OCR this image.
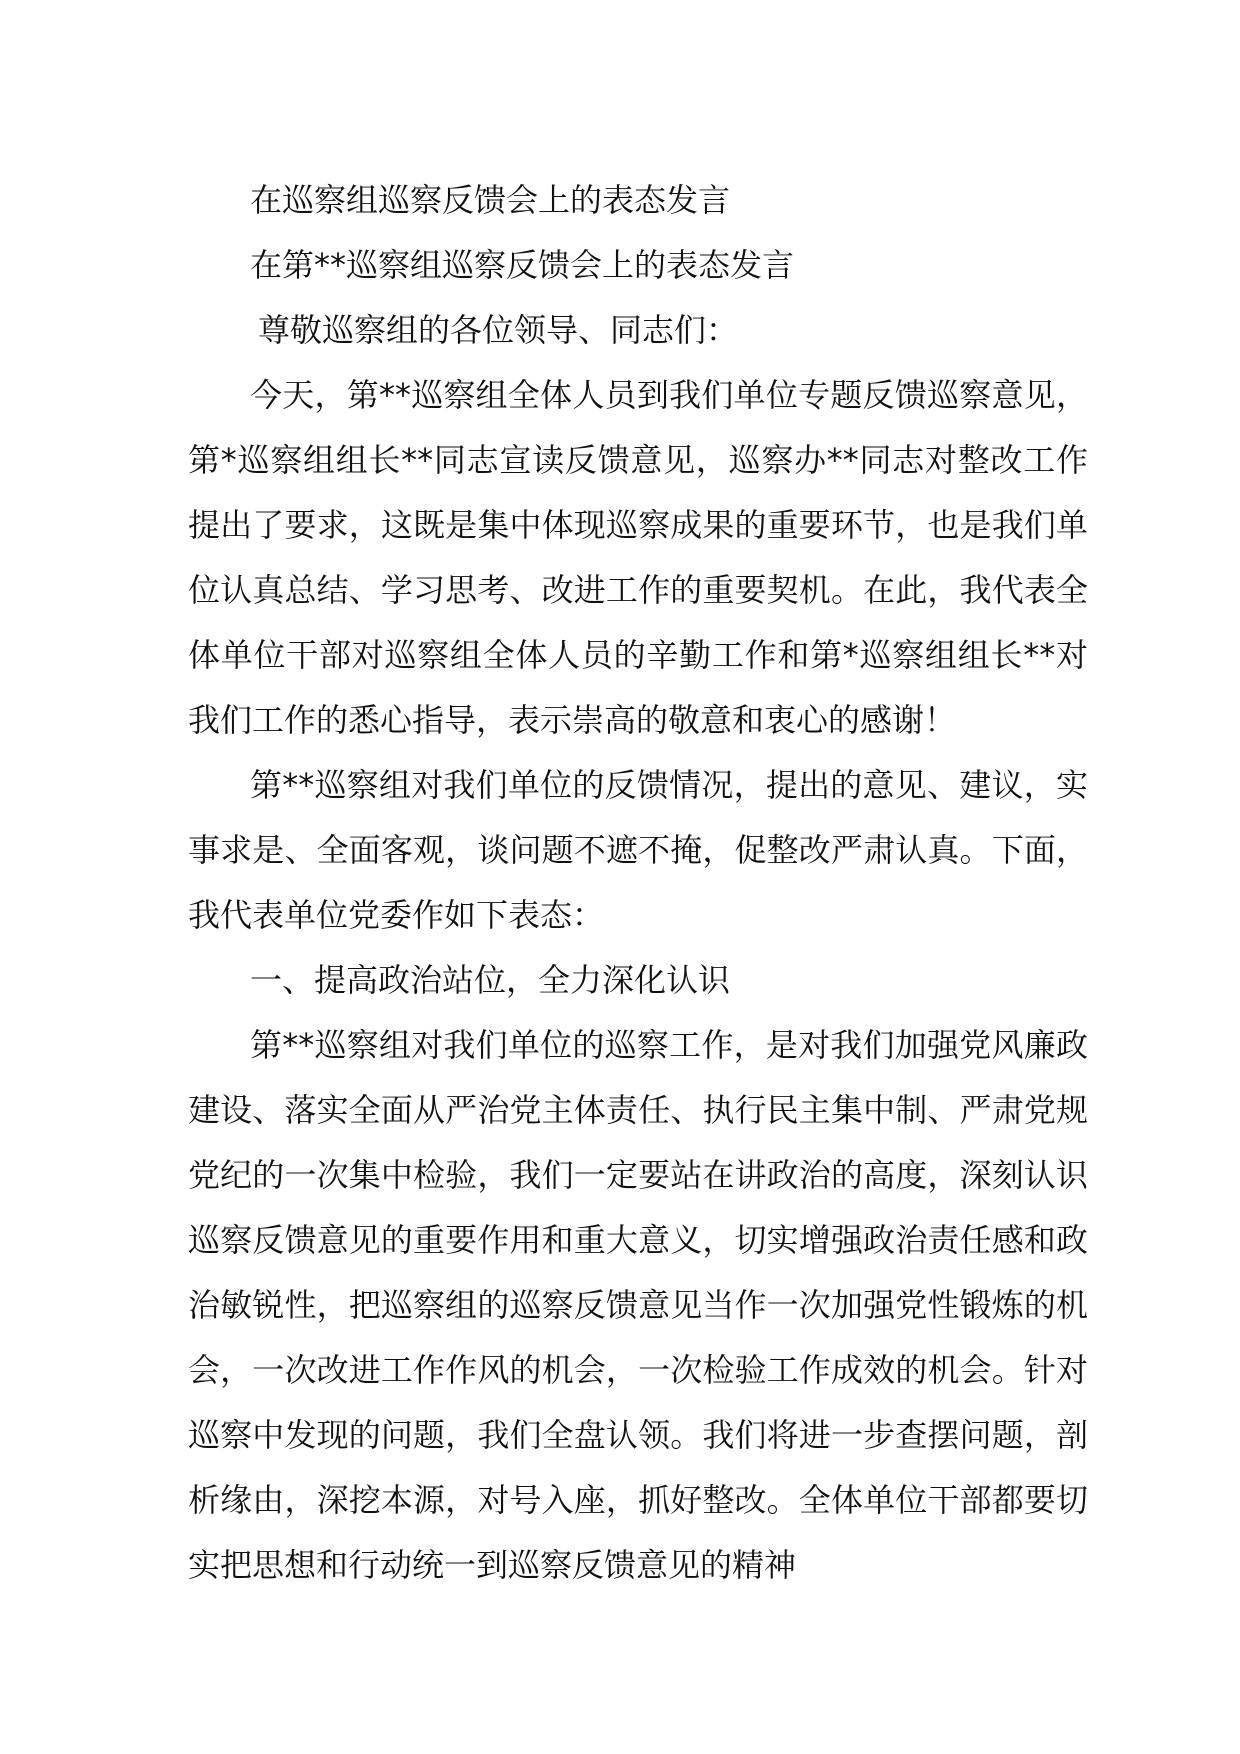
在巡察组巡察反馈会上的表态发言

在第**巡察组巡察反馈会上的表态发言

尊敬巡察组的各位领导、同志们：

今天，第**巡察组全体人员到我们单位专题反馈巡察意见，第*巡察组组长**同志宣读反馈意见，巡察办**同志对整改工作提出了要求，这既是集中体现巡察成果的重要环节，也是我们单位认真总结、学习思考、改进工作的重要契机。在此，我代表全体单位干部对巡察组全体人员的辛勤工作和第*巡察组组长**对我们工作的悉心指导，表示崇高的敬意和衷心的感谢！

第**巡察组对我们单位的反馈情况，提出的意见、建议，实事求是、全面客观，谈问题不遮不掩，促整改严肃认真。下面，我代表单位党委作如下表态：

一、提高政治站位，全力深化认识

第**巡察组对我们单位的巡察工作，是对我们加强党风廉政建设、落实全面从严治党主体责任、执行民主集中制、严肃党规党纪的一次集中检验，我们一定要站在讲政治的高度，深刻认识巡察反馈意见的重要作用和重大意义，切实增强政治责任感和政治敏锐性，把巡察组的巡察反馈意见当作一次加强党性锻炼的机会，一次改进工作作风的机会，一次检验工作成效的机会。针对巡察中发现的问题，我们全盘认领。我们将进一步查摆问题，剖析缘由，深挖本源，对号入座，抓好整改。全体单位干部都要切实把思想和行动统一到巡察反馈意见的精神
